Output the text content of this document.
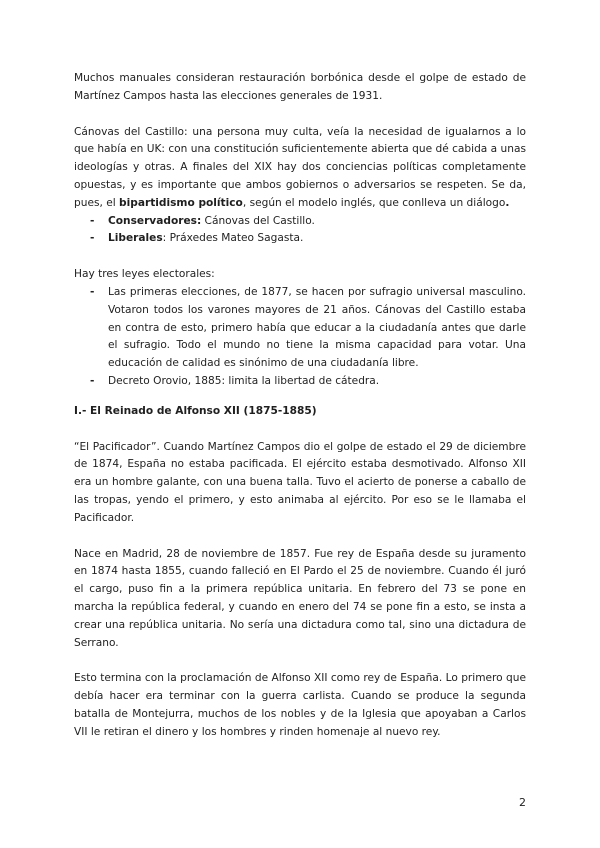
Muchos manuales consideran restauración borbónica desde el golpe de estado de Martínez Campos hasta las elecciones generales de 1931.

Cánovas del Castillo: una persona muy culta, veía la necesidad de igualarnos a lo que había en UK: con una constitución suficientemente abierta que dé cabida a unas ideologías y otras. A finales del XIX hay dos conciencias políticas completamente opuestas, y es importante que ambos gobiernos o adversarios se respeten. Se da, pues, el bipartidismo político, según el modelo inglés, que conlleva un diálogo.

- Conservadores: Cánovas del Castillo.
- Liberales: Práxedes Mateo Sagasta.

Hay tres leyes electorales:

- Las primeras elecciones, de 1877, se hacen por sufragio universal masculino. Votaron todos los varones mayores de 21 años. Cánovas del Castillo estaba en contra de esto, primero había que educar a la ciudadanía antes que darle el sufragio. Todo el mundo no tiene la misma capacidad para votar. Una educación de calidad es sinónimo de una ciudadanía libre.
- Decreto Orovio, 1885: limita la libertad de cátedra.
I.- El Reinado de Alfonso XII (1875-1885)

“El Pacificador”. Cuando Martínez Campos dio el golpe de estado el 29 de diciembre de 1874, España no estaba pacificada. El ejército estaba desmotivado. Alfonso XII era un hombre galante, con una buena talla. Tuvo el acierto de ponerse a caballo de las tropas, yendo el primero, y esto animaba al ejército. Por eso se le llamaba el Pacificador.

Nace en Madrid, 28 de noviembre de 1857. Fue rey de España desde su juramento en 1874 hasta 1855, cuando falleció en El Pardo el 25 de noviembre. Cuando él juró el cargo, puso fin a la primera república unitaria. En febrero del 73 se pone en marcha la república federal, y cuando en enero del 74 se pone fin a esto, se insta a crear una república unitaria. No sería una dictadura como tal, sino una dictadura de Serrano.

Esto termina con la proclamación de Alfonso XII como rey de España. Lo primero que debía hacer era terminar con la guerra carlista. Cuando se produce la segunda batalla de Montejurra, muchos de los nobles y de la Iglesia que apoyaban a Carlos VII le retiran el dinero y los hombres y rinden homenaje al nuevo rey.

2
